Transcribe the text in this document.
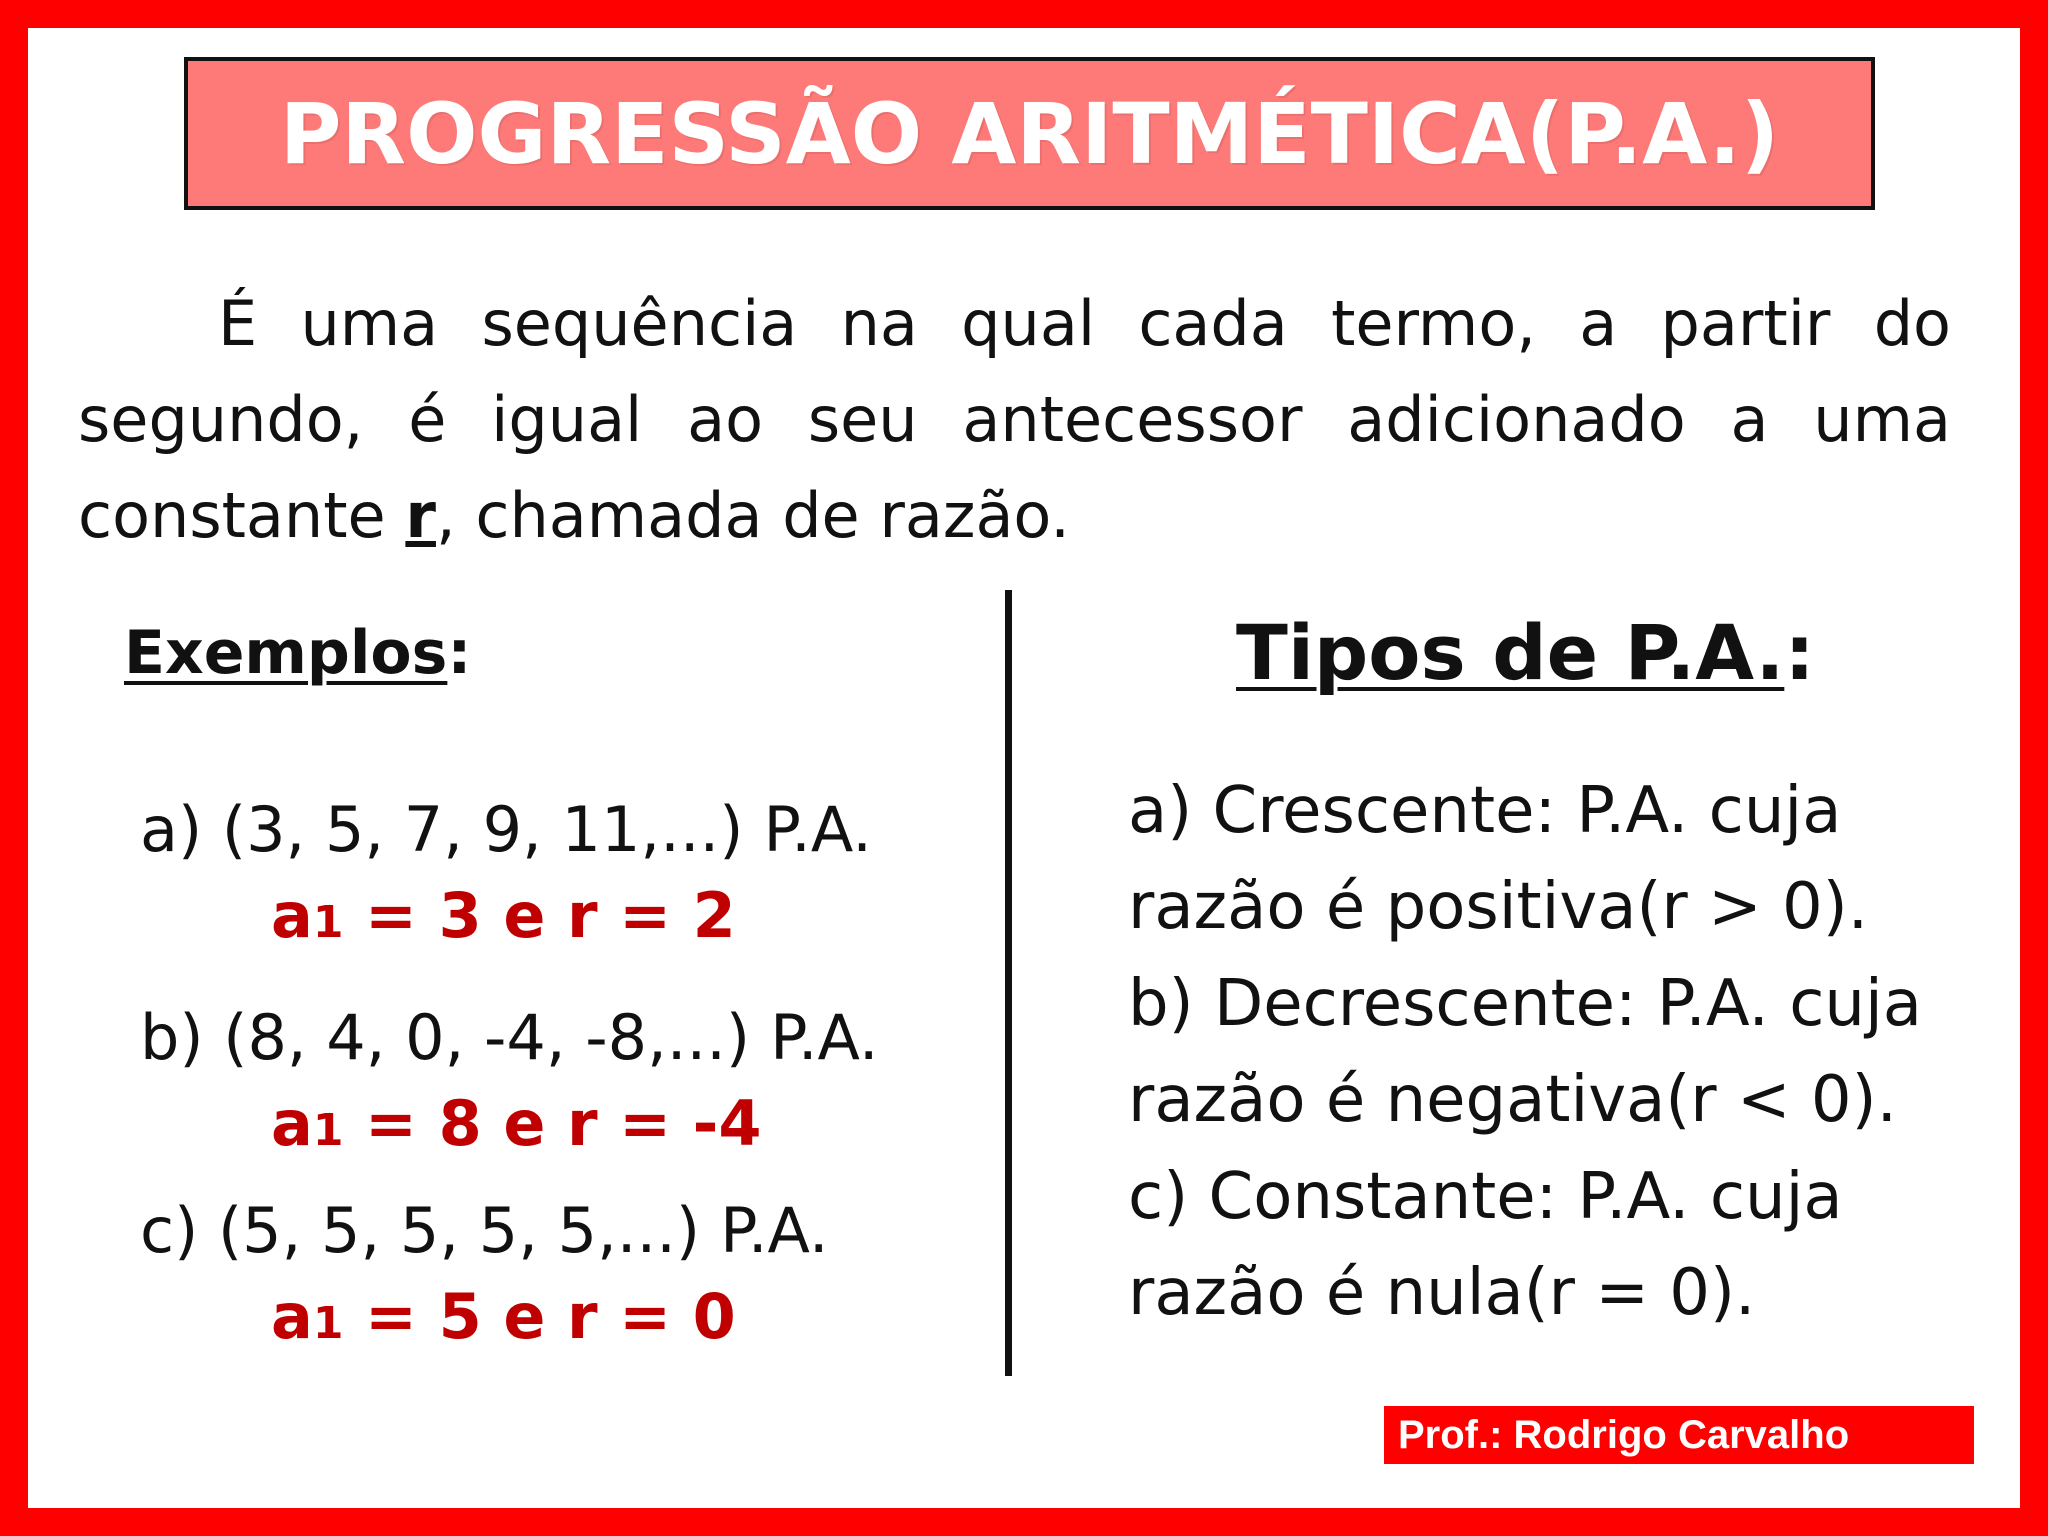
PROGRESSÃO ARITMÉTICA(P.A.)
É uma sequência na qual cada termo, a partir do segundo, é igual ao seu antecessor adicionado a uma constante r, chamada de razão.
Exemplos:
a) (3, 5, 7, 9, 11,...) P.A.
a1 = 3 e r = 2
b) (8, 4, 0, -4, -8,...) P.A.
a1 = 8 e r = -4
c) (5, 5, 5, 5, 5,...) P.A.
a1 = 5 e r = 0
Tipos de P.A.:
a) Crescente: P.A. cuja razão é positiva(r > 0).
b) Decrescente: P.A. cuja razão é negativa(r < 0).
c) Constante: P.A. cuja razão é nula(r = 0).
Prof.: Rodrigo Carvalho
